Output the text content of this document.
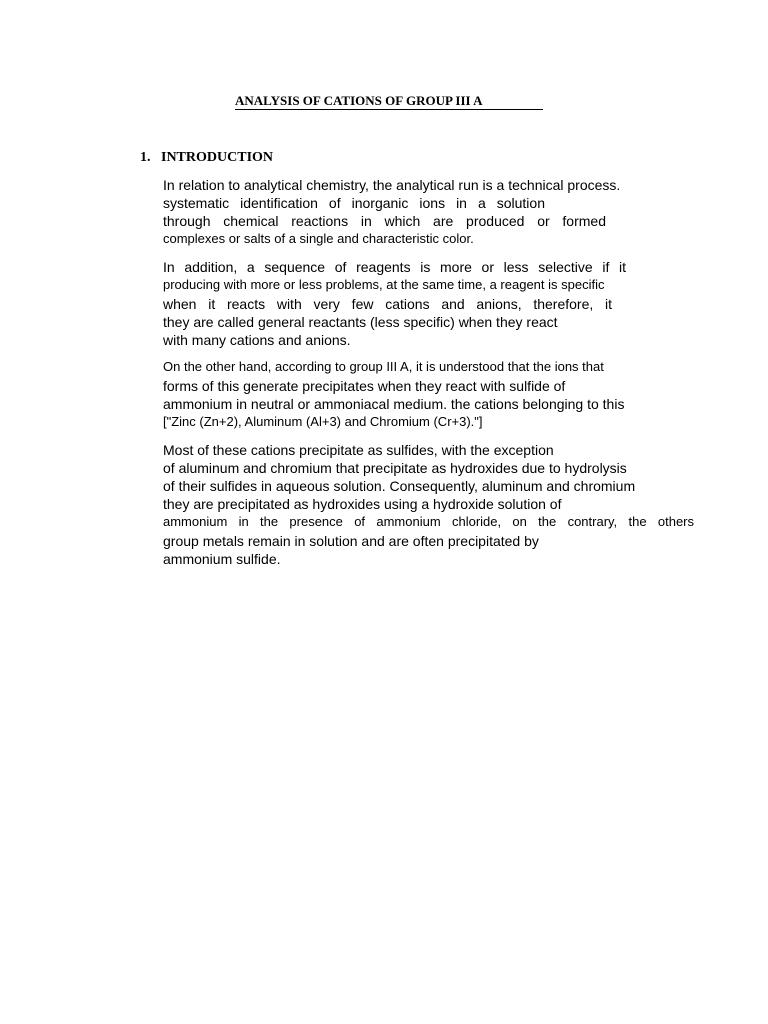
ANALYSIS OF CATIONS OF GROUP III A
1. INTRODUCTION
In relation to analytical chemistry, the analytical run is a technical process.
systematic identification of inorganic ions in a solution
through chemical reactions in which are produced or formed
complexes or salts of a single and characteristic color.
In addition, a sequence of reagents is more or less selective if it
producing with more or less problems, at the same time, a reagent is specific
when it reacts with very few cations and anions, therefore, it
they are called general reactants (less specific) when they react
with many cations and anions.
On the other hand, according to group III A, it is understood that the ions that
forms of this generate precipitates when they react with sulfide of
ammonium in neutral or ammoniacal medium. the cations belonging to this
["Zinc (Zn+2), Aluminum (Al+3) and Chromium (Cr+3)."]
Most of these cations precipitate as sulfides, with the exception
of aluminum and chromium that precipitate as hydroxides due to hydrolysis
of their sulfides in aqueous solution. Consequently, aluminum and chromium
they are precipitated as hydroxides using a hydroxide solution of
ammonium in the presence of ammonium chloride, on the contrary, the others
group metals remain in solution and are often precipitated by
ammonium sulfide.
